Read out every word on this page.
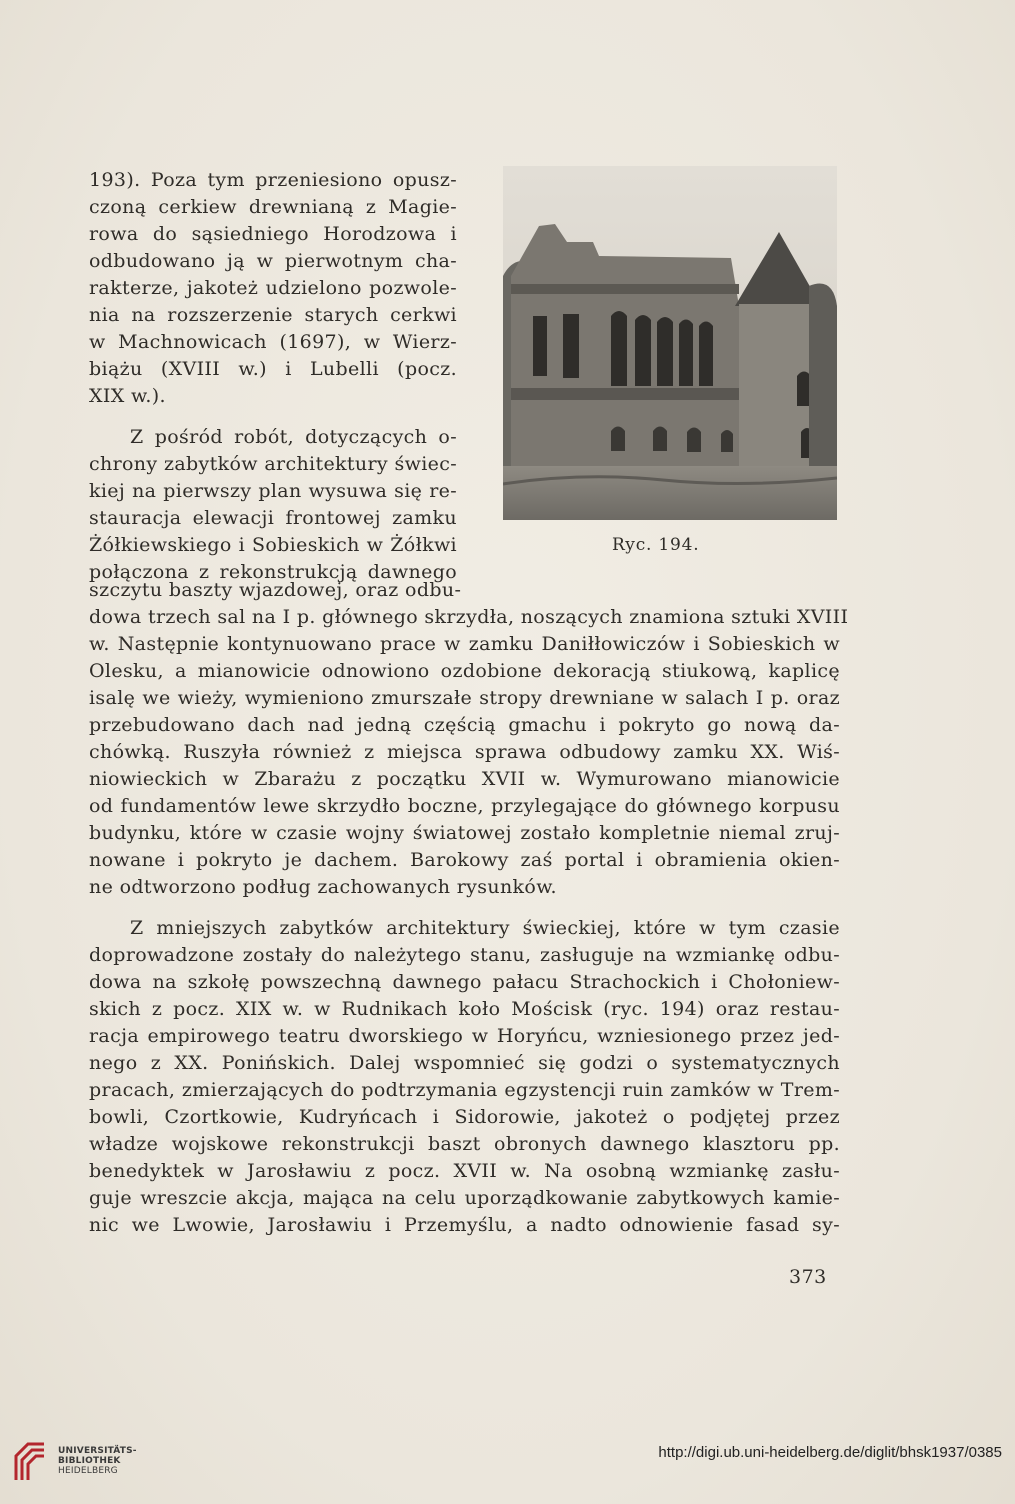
193). Poza tym przeniesiono opusz-
czoną cerkiew drewnianą z Magie-
rowa do sąsiedniego Horodzowa i
odbudowano ją w pierwotnym cha-
rakterze, jakoteż udzielono pozwole-
nia na rozszerzenie starych cerkwi
w Machnowicach (1697), w Wierz-
biążu (XVIII w.) i Lubelli (pocz.
XIX w.).
Z pośród robót, dotyczących o-
chrony zabytków architektury świec-
kiej na pierwszy plan wysuwa się re-
stauracja elewacji frontowej zamku
Żółkiewskiego i Sobieskich w Żółkwi
połączona z rekonstrukcją dawnego
szczytu baszty wjazdowej, oraz odbu-
dowa trzech sal na I p. głównego skrzydła, noszących znamiona sztuki XVIII
w. Następnie kontynuowano prace w zamku Daniłłowiczów i Sobieskich w
Olesku, a mianowicie odnowiono ozdobione dekoracją stiukową, kaplicę
isalę we wieży, wymieniono zmurszałe stropy drewniane w salach I p. oraz
przebudowano dach nad jedną częścią gmachu i pokryto go nową da-
chówką. Ruszyła również z miejsca sprawa odbudowy zamku XX. Wiś-
niowieckich w Zbarażu z początku XVII w. Wymurowano mianowicie
od fundamentów lewe skrzydło boczne, przylegające do głównego korpusu
budynku, które w czasie wojny światowej zostało kompletnie niemal zruj-
nowane i pokryto je dachem. Barokowy zaś portal i obramienia okien-
ne odtworzono podług zachowanych rysunków.
Z mniejszych zabytków architektury świeckiej, które w tym czasie
doprowadzone zostały do należytego stanu, zasługuje na wzmiankę odbu-
dowa na szkołę powszechną dawnego pałacu Strachockich i Chołoniew-
skich z pocz. XIX w. w Rudnikach koło Mościsk (ryc. 194) oraz restau-
racja empirowego teatru dworskiego w Horyńcu, wzniesionego przez jed-
nego z XX. Ponińskich. Dalej wspomnieć się godzi o systematycznych
pracach, zmierzających do podtrzymania egzystencji ruin zamków w Trem-
bowli, Czortkowie, Kudryńcach i Sidorowie, jakoteż o podjętej przez
władze wojskowe rekonstrukcji baszt obronych dawnego klasztoru pp.
benedyktek w Jarosławiu z pocz. XVII w. Na osobną wzmiankę zasłu-
guje wreszcie akcja, mająca na celu uporządkowanie zabytkowych kamie-
nic we Lwowie, Jarosławiu i Przemyślu, a nadto odnowienie fasad sy-
Ryc. 194.
373
UNIVERSITÄTS-
BIBLIOTHEK
HEIDELBERG
http://digi.ub.uni-heidelberg.de/diglit/bhsk1937/0385
